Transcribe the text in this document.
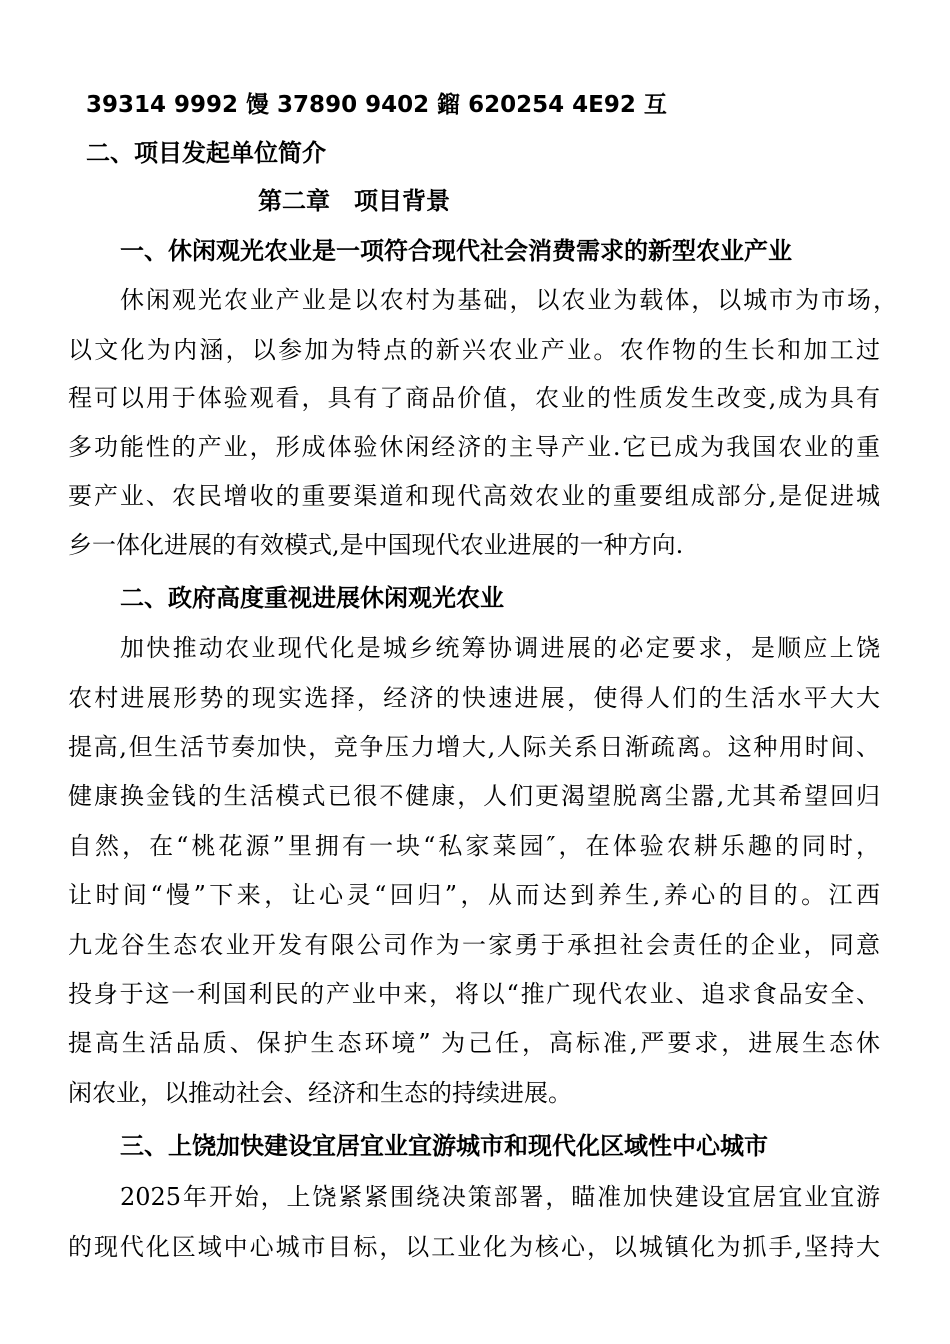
39314 9992 馒 37890 9402 鎦 620254 4E92 互
二、项目发起单位简介
第二章　项目背景
一、休闲观光农业是一项符合现代社会消费需求的新型农业产业
休闲观光农业产业是以农村为基础，以农业为载体，以城市为市场，
以文化为内涵，以参加为特点的新兴农业产业。农作物的生长和加工过
程可以用于体验观看，具有了商品价值，农业的性质发生改变,成为具有
多功能性的产业，形成体验休闲经济的主导产业.它已成为我国农业的重
要产业、农民增收的重要渠道和现代高效农业的重要组成部分,是促进城
乡一体化进展的有效模式,是中国现代农业进展的一种方向.
二、政府高度重视进展休闲观光农业
加快推动农业现代化是城乡统筹协调进展的必定要求，是顺应上饶
农村进展形势的现实选择，经济的快速进展，使得人们的生活水平大大
提高,但生活节奏加快，竞争压力增大,人际关系日渐疏离。这种用时间、
健康换金钱的生活模式已很不健康，人们更渴望脱离尘嚣,尤其希望回归
自然，在“桃花源”里拥有一块“私家菜园″，在体验农耕乐趣的同时，
让时间“慢”下来，让心灵“回归”，从而达到养生,养心的目的。江西
九龙谷生态农业开发有限公司作为一家勇于承担社会责任的企业，同意
投身于这一利国利民的产业中来，将以“推广现代农业、追求食品安全、
提高生活品质、保护生态环境” 为己任，高标准,严要求，进展生态休
闲农业，以推动社会、经济和生态的持续进展。
三、上饶加快建设宜居宜业宜游城市和现代化区域性中心城市
2025年开始，上饶紧紧围绕决策部署，瞄准加快建设宜居宜业宜游
的现代化区域中心城市目标，以工业化为核心，以城镇化为抓手,坚持大
